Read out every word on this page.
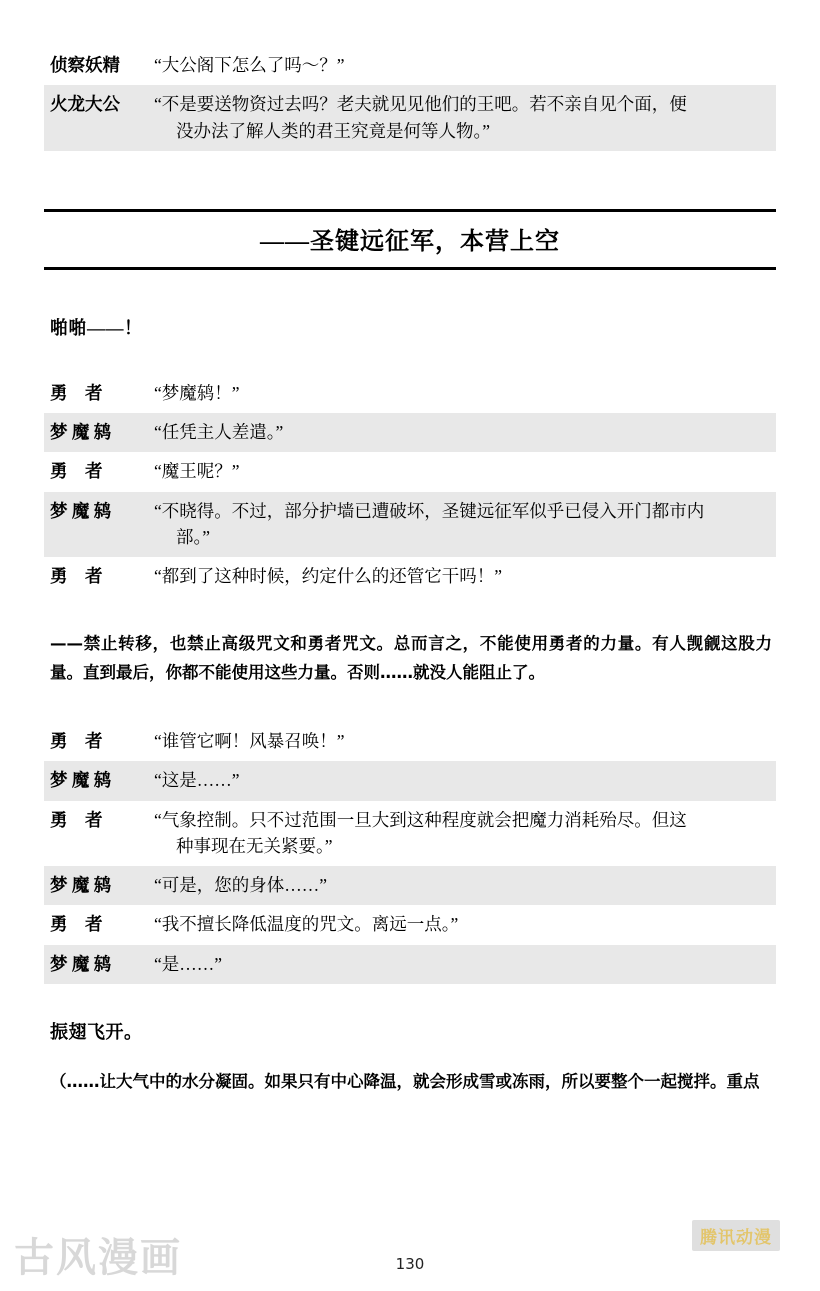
侦察妖精	“大公阁下怎么了吗～？”

火龙大公	“不是要送物资过去吗？老夫就见见他们的王吧。若不亲自见个面，便
没办法了解人类的君王究竟是何等人物。”
——圣键远征军，本营上空
啪啪——！
勇　者	“梦魔鸫！”

梦 魔 鸫	“任凭主人差遣。”

勇　者	“魔王呢？”

梦 魔 鸫	“不晓得。不过，部分护墙已遭破坏，圣键远征军似乎已侵入开门都市内
部。”

勇　者	“都到了这种时候，约定什么的还管它干吗！”
——禁止转移，也禁止高级咒文和勇者咒文。总而言之，不能使用勇者的力量。有人觊觎这股力量。直到最后，你都不能使用这些力量。否则……就没人能阻止了。
勇　者	“谁管它啊！风暴召唤！”

梦 魔 鸫	“这是……”

勇　者	“气象控制。只不过范围一旦大到这种程度就会把魔力消耗殆尽。但这
种事现在无关紧要。”

梦 魔 鸫	“可是，您的身体……”

勇　者	“我不擅长降低温度的咒文。离远一点。”

梦 魔 鸫	“是……”
振翅飞开。
（……让大气中的水分凝固。如果只有中心降温，就会形成雪或冻雨，所以要整个一起搅拌。重点
130
古风漫画	腾讯动漫
